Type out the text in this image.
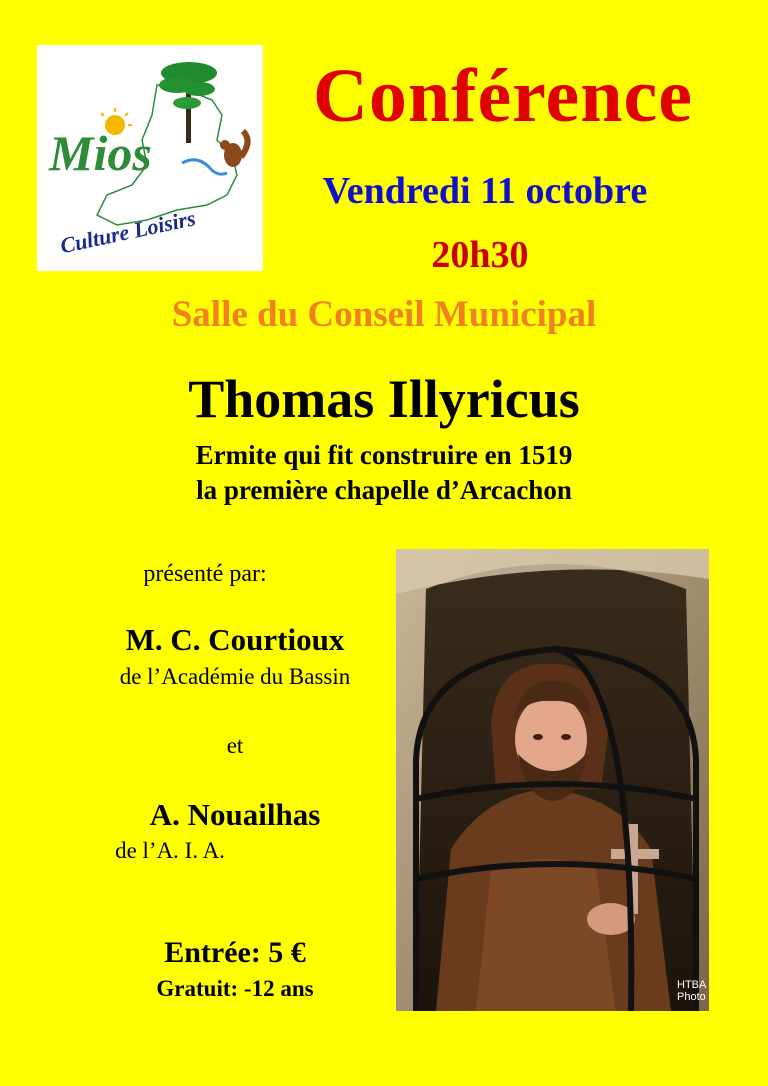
Mios
Culture Loisirs
Conférence
Vendredi 11 octobre
20h30
Salle du Conseil Municipal
Thomas Illyricus
Ermite qui fit construire en 1519
la première chapelle d’Arcachon
présenté par:
M. C. Courtioux
de l’Académie du Bassin
et
A. Nouailhas
de l’A. I. A.
Entrée: 5 €
Gratuit: -12 ans	HTBA
Photo
